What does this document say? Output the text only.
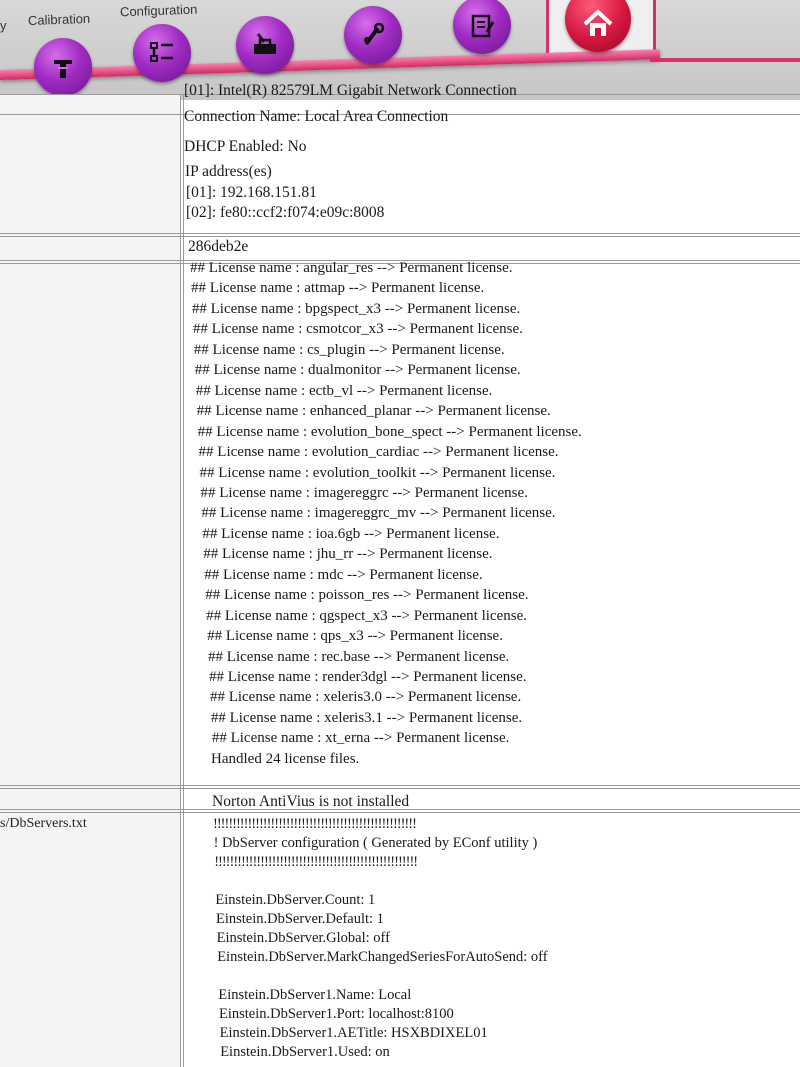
y Calibration
Configuration
[01]: Intel(R) 82579LM Gigabit Network Connection
Connection Name: Local Area Connection
DHCP Enabled: No
IP address(es)
[01]: 192.168.151.81
[02]: fe80::ccf2:f074:e09c:8008
286deb2e
## License name : angular_res --> Permanent license.
## License name : attmap --> Permanent license.
## License name : bpgspect_x3 --> Permanent license.
## License name : csmotcor_x3 --> Permanent license.
## License name : cs_plugin --> Permanent license.
## License name : dualmonitor --> Permanent license.
## License name : ectb_vl --> Permanent license.
## License name : enhanced_planar --> Permanent license.
## License name : evolution_bone_spect --> Permanent license.
## License name : evolution_cardiac --> Permanent license.
## License name : evolution_toolkit --> Permanent license.
## License name : imagereggrc --> Permanent license.
## License name : imagereggrc_mv --> Permanent license.
## License name : ioa.6gb --> Permanent license.
## License name : jhu_rr --> Permanent license.
## License name : mdc --> Permanent license.
## License name : poisson_res --> Permanent license.
## License name : qgspect_x3 --> Permanent license.
## License name : qps_x3 --> Permanent license.
## License name : rec.base --> Permanent license.
## License name : render3dgl --> Permanent license.
## License name : xeleris3.0 --> Permanent license.
## License name : xeleris3.1 --> Permanent license.
## License name : xt_erna --> Permanent license.
Handled 24 license files.
Norton AntiVius is not installed
s/DbServers.txt	!!!!!!!!!!!!!!!!!!!!!!!!!!!!!!!!!!!!!!!!!!!!!!!!!!!!!
! DbServer configuration ( Generated by EConf utility )
!!!!!!!!!!!!!!!!!!!!!!!!!!!!!!!!!!!!!!!!!!!!!!!!!!!!!
Einstein.DbServer.Count: 1
Einstein.DbServer.Default: 1
Einstein.DbServer.Global: off
Einstein.DbServer.MarkChangedSeriesForAutoSend: off
Einstein.DbServer1.Name: Local
Einstein.DbServer1.Port: localhost:8100
Einstein.DbServer1.AETitle: HSXBDIXEL01
Einstein.DbServer1.Used: on
